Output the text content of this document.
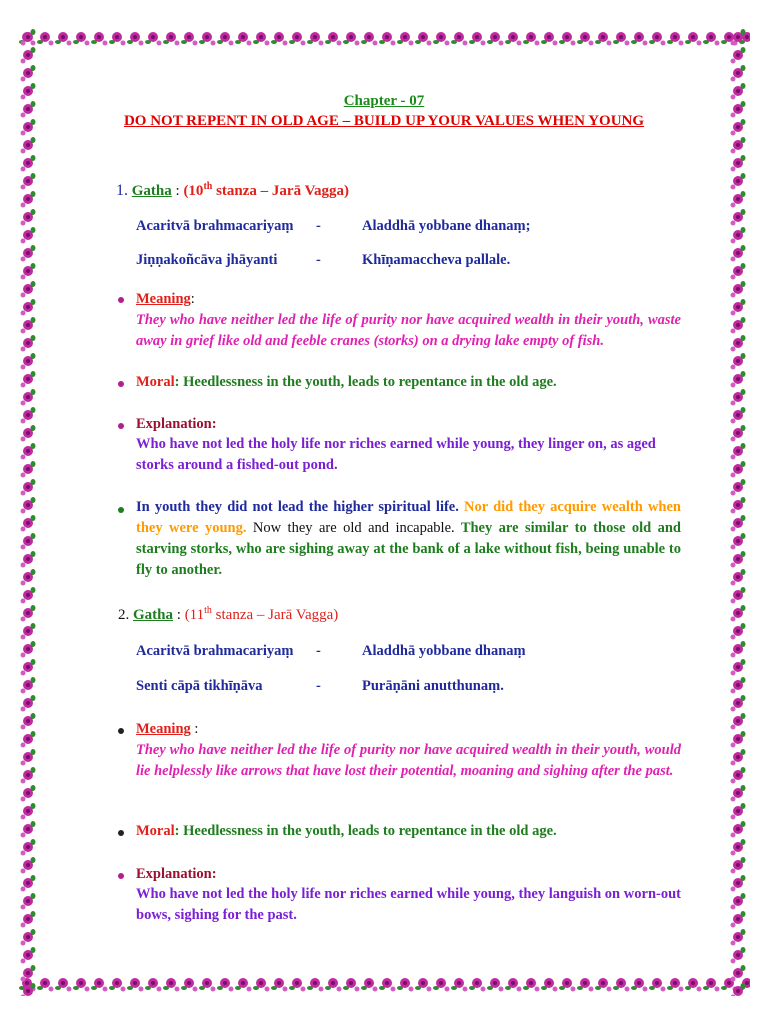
Chapter - 07
DO NOT REPENT IN OLD AGE – BUILD UP YOUR VALUES WHEN YOUNG
1. Gatha : (10th stanza – Jarā Vagga)
Acaritvā brahmacariyaṃ -	Aladdhā yobbane dhanaṃ;
Jiṇṇakoñcāva jhāyanti	-	Khīṇamaccheva pallale.
Meaning:
They who have neither led the life of purity nor have acquired wealth in their youth, waste away in grief like old and feeble cranes (storks) on a drying lake empty of fish.
Moral: Heedlessness in the youth, leads to repentance in the old age.
Explanation:
Who have not led the holy life nor riches earned while young, they linger on, as aged storks around a fished-out pond.
In youth they did not lead the higher spiritual life. Nor did they acquire wealth when they were young. Now they are old and incapable. They are similar to those old and starving storks, who are sighing away at the bank of a lake without fish, being unable to fly to another.
2. Gatha : (11th stanza – Jarā Vagga)
Acaritvā brahmacariyaṃ -	Aladdhā yobbane dhanaṃ
Senti cāpā tikhīṇāva	-	Purāṇāni anutthunaṃ.
Meaning :
They who have neither led the life of purity nor have acquired wealth in their youth, would lie helplessly like arrows that have lost their potential, moaning and sighing after the past.
Moral: Heedlessness in the youth, leads to repentance in the old age.
Explanation:
Who have not led the holy life nor riches earned while young, they languish on worn-out bows, sighing for the past.
